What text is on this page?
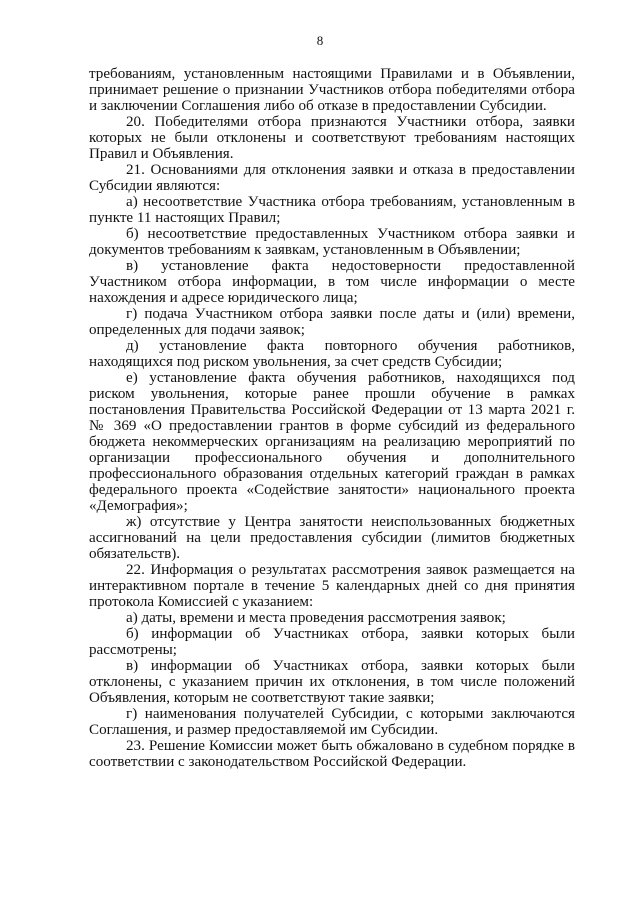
8

требованиям, установленным настоящими Правилами и в Объявлении, принимает решение о признании Участников отбора победителями отбора и заключении Соглашения либо об отказе в предоставлении Субсидии.

20. Победителями отбора признаются Участники отбора, заявки которых не были отклонены и соответствуют требованиям настоящих Правил и Объявления.

21. Основаниями для отклонения заявки и отказа в предоставлении Субсидии являются:

а) несоответствие Участника отбора требованиям, установленным в пункте 11 настоящих Правил;

б) несоответствие предоставленных Участником отбора заявки и документов требованиям к заявкам, установленным в Объявлении;

в) установление факта недостоверности предоставленной Участником отбора информации, в том числе информации о месте нахождения и адресе юридического лица;

г) подача Участником отбора заявки после даты и (или) времени, определенных для подачи заявок;

д) установление факта повторного обучения работников, находящихся под риском увольнения, за счет средств Субсидии;

е) установление факта обучения работников, находящихся под риском увольнения, которые ранее прошли обучение в рамках постановления Правительства Российской Федерации от 13 марта 2021 г. № 369 «О предоставлении грантов в форме субсидий из федерального бюджета некоммерческих организациям на реализацию мероприятий по организации профессионального обучения и дополнительного профессионального образования отдельных категорий граждан в рамках федерального проекта «Содействие занятости» национального проекта «Демография»;

ж) отсутствие у Центра занятости неиспользованных бюджетных ассигнований на цели предоставления субсидии (лимитов бюджетных обязательств).

22. Информация о результатах рассмотрения заявок размещается на интерактивном портале в течение 5 календарных дней со дня принятия протокола Комиссией с указанием:

а) даты, времени и места проведения рассмотрения заявок;

б) информации об Участниках отбора, заявки которых были рассмотрены;

в) информации об Участниках отбора, заявки которых были отклонены, с указанием причин их отклонения, в том числе положений Объявления, которым не соответствуют такие заявки;

г) наименования получателей Субсидии, с которыми заключаются Соглашения, и размер предоставляемой им Субсидии.

23. Решение Комиссии может быть обжаловано в судебном порядке в соответствии с законодательством Российской Федерации.
